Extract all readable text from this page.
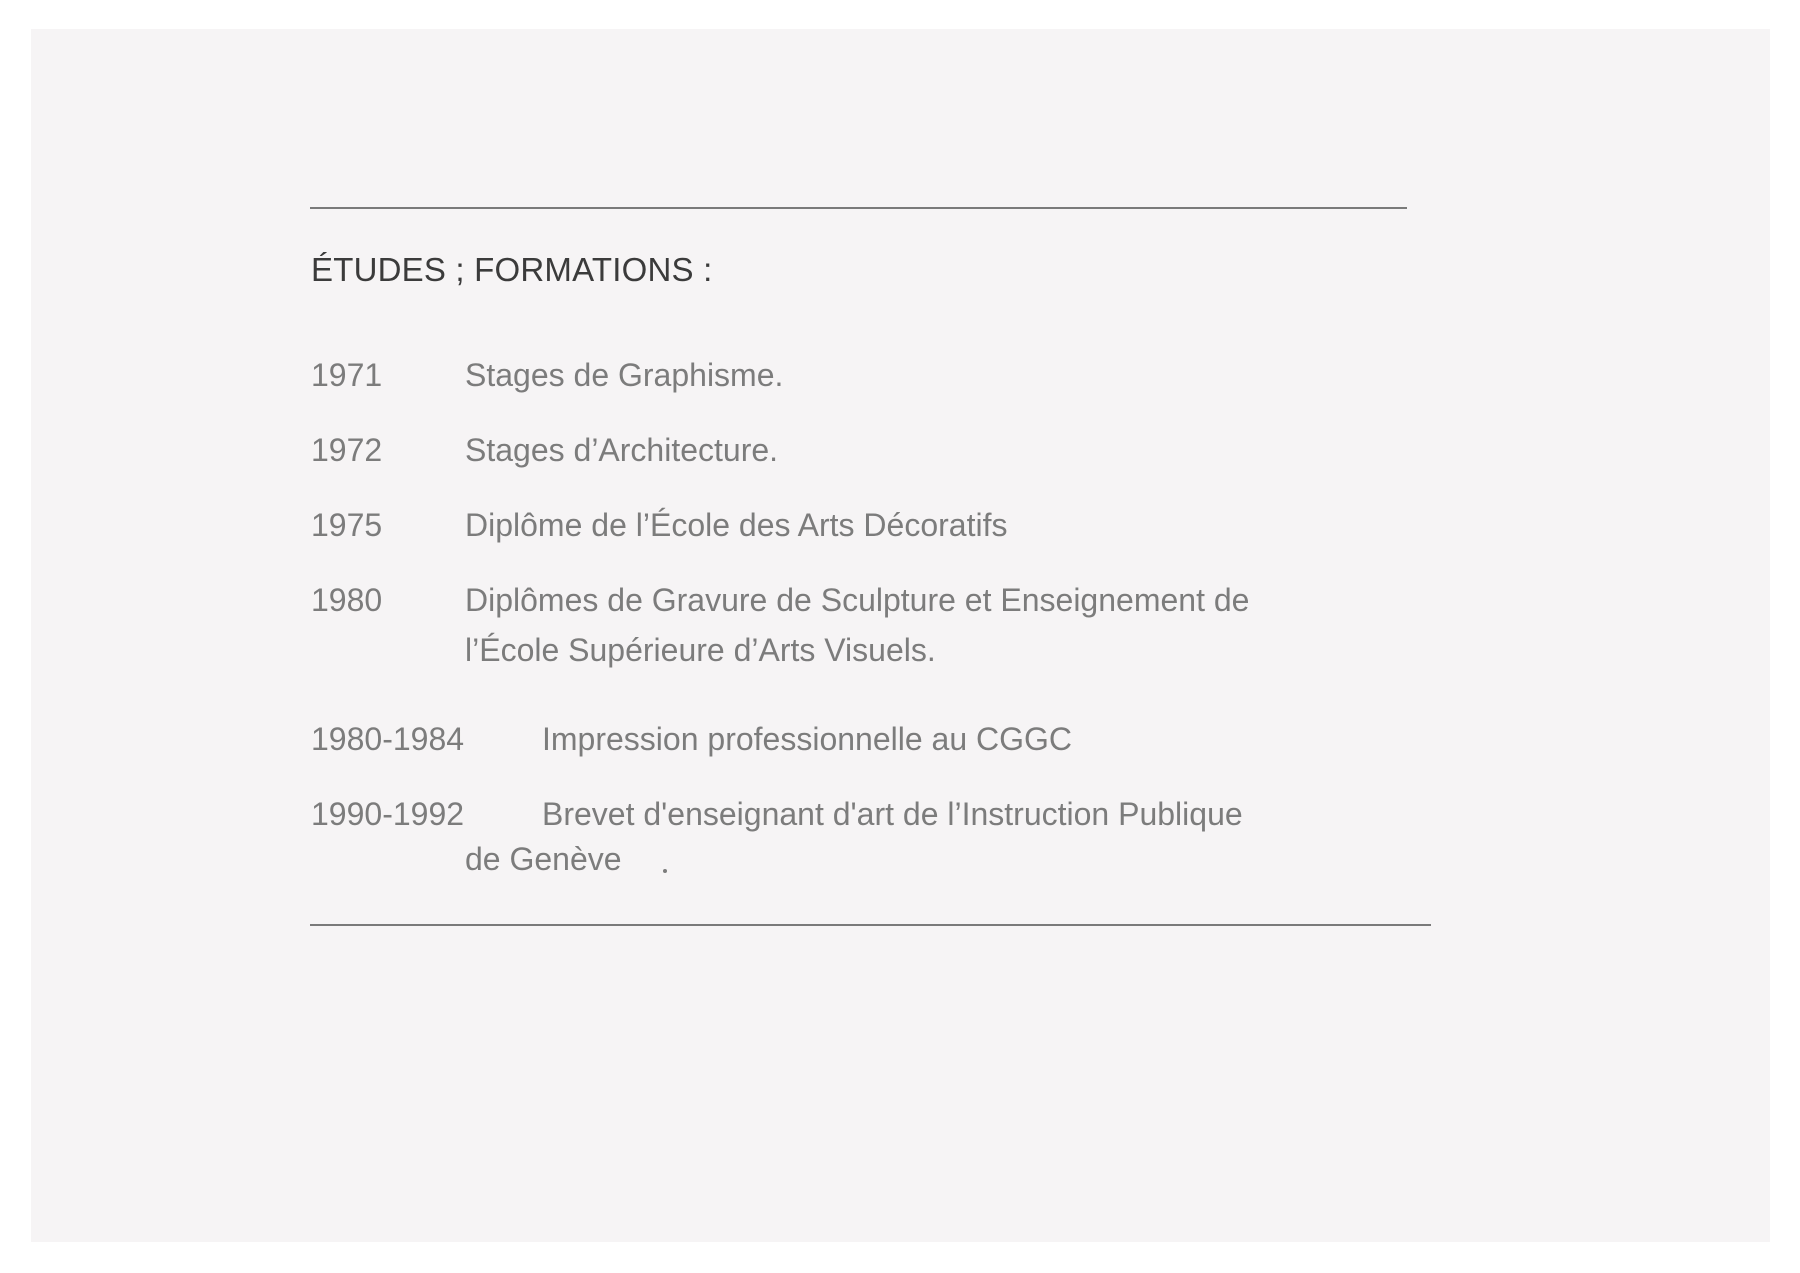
ÉTUDES ; FORMATIONS :
1971	Stages de Graphisme.
1972	Stages d’Architecture.
1975	Diplôme de l’École des Arts Décoratifs
1980	Diplômes de Gravure de Sculpture et Enseignement de
l’École Supérieure d’Arts Visuels.
1980-1984 Impression professionnelle au CGGC
1990-1992 Brevet d'enseignant d'art de l’Instruction Publique
de Genève
